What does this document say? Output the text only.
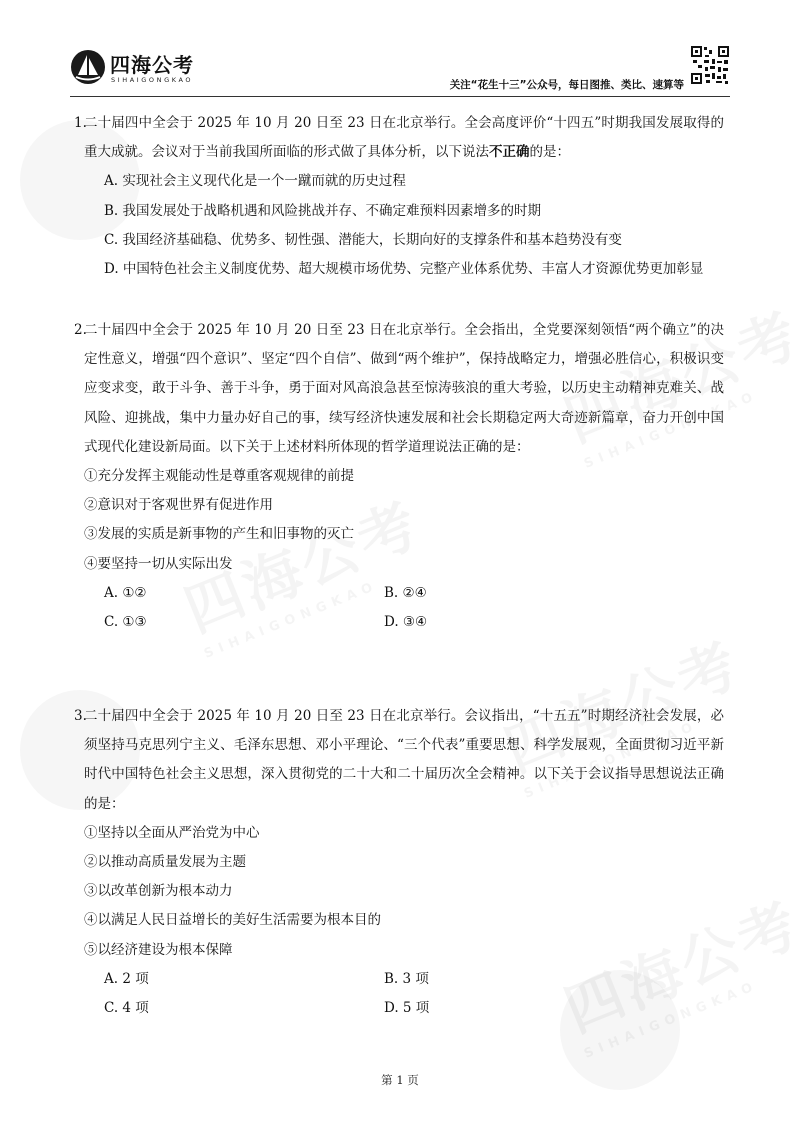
四海公考
SIHAIGONGKAO	关注“花生十三”公众号，每日图推、类比、速算等

1.
二十届四中全会于 2025 年 10 月 20 日至 23 日在北京举行。全会高度评价“十四五”时期我国发展取得的重大成就。会议对于当前我国所面临的形式做了具体分析，以下说法不正确的是：

A. 实现社会主义现代化是一个一蹴而就的历史过程
B. 我国发展处于战略机遇和风险挑战并存、不确定难预料因素增多的时期
C. 我国经济基础稳、优势多、韧性强、潜能大，长期向好的支撑条件和基本趋势没有变
D. 中国特色社会主义制度优势、超大规模市场优势、完整产业体系优势、丰富人才资源优势更加彰显

2.
二十届四中全会于 2025 年 10 月 20 日至 23 日在北京举行。全会指出，全党要深刻领悟“两个确立”的决定性意义，增强“四个意识”、坚定“四个自信”、做到“两个维护”，保持战略定力，增强必胜信心，积极识变应变求变，敢于斗争、善于斗争，勇于面对风高浪急甚至惊涛骇浪的重大考验，以历史主动精神克难关、战风险、迎挑战，集中力量办好自己的事，续写经济快速发展和社会长期稳定两大奇迹新篇章，奋力开创中国式现代化建设新局面。以下关于上述材料所体现的哲学道理说法正确的是：

①充分发挥主观能动性是尊重客观规律的前提

②意识对于客观世界有促进作用

③发展的实质是新事物的产生和旧事物的灭亡

④要坚持一切从实际出发

A. ①②	B. ②④
C. ①③	D. ③④

3.
二十届四中全会于 2025 年 10 月 20 日至 23 日在北京举行。会议指出，“十五五”时期经济社会发展，必须坚持马克思列宁主义、毛泽东思想、邓小平理论、“三个代表”重要思想、科学发展观，全面贯彻习近平新时代中国特色社会主义思想，深入贯彻党的二十大和二十届历次全会精神。以下关于会议指导思想说法正确的是：

①坚持以全面从严治党为中心

②以推动高质量发展为主题

③以改革创新为根本动力

④以满足人民日益增长的美好生活需要为根本目的

⑤以经济建设为根本保障

A. 2 项	B. 3 项
C. 4 项	D. 5 项
第 1 页
